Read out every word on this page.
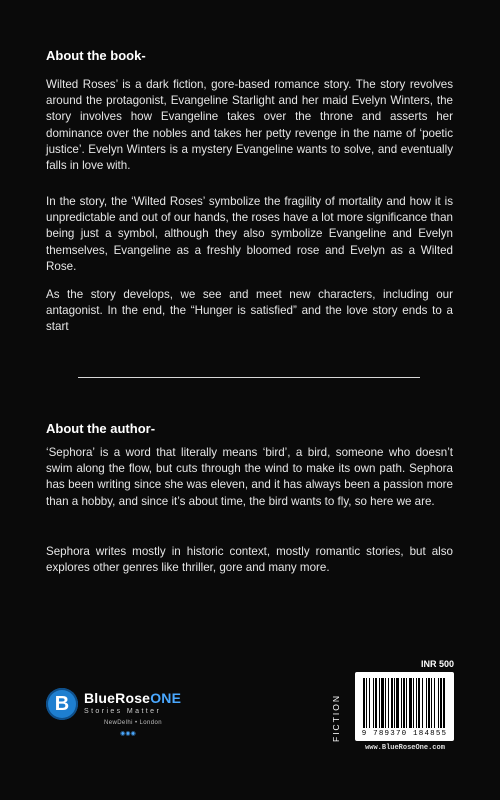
About the book-
Wilted Roses’ is a dark fiction, gore-based romance story. The story revolves around the protagonist, Evangeline Starlight and her maid Evelyn Winters, the story involves how Evangeline takes over the throne and asserts her dominance over the nobles and takes her petty revenge in the name of ‘poetic justice’. Evelyn Winters is a mystery Evangeline wants to solve, and eventually falls in love with.
In the story, the ‘Wilted Roses’ symbolize the fragility of mortality and how it is unpredictable and out of our hands, the roses have a lot more significance than being just a symbol, although they also symbolize Evangeline and Evelyn themselves, Evangeline as a freshly bloomed rose and Evelyn as a Wilted Rose.
As the story develops, we see and meet new characters, including our antagonist. In the end, the “Hunger is satisfied” and the love story ends to a start
About the author-
‘Sephora’ is a word that literally means ‘bird’, a bird, someone who doesn’t swim along the flow, but cuts through the wind to make its own path. Sephora has been writing since she was eleven, and it has always been a passion more than a hobby, and since it’s about time, the bird wants to fly, so here we are.
Sephora writes mostly in historic context, mostly romantic stories, but also explores other genres like thriller, gore and many more.
B	BlueRoseONE
Stories Matter
NewDelhi • London
◉◉◉	FICTION
INR 500
9 789370 184855
www.BlueRoseOne.com
